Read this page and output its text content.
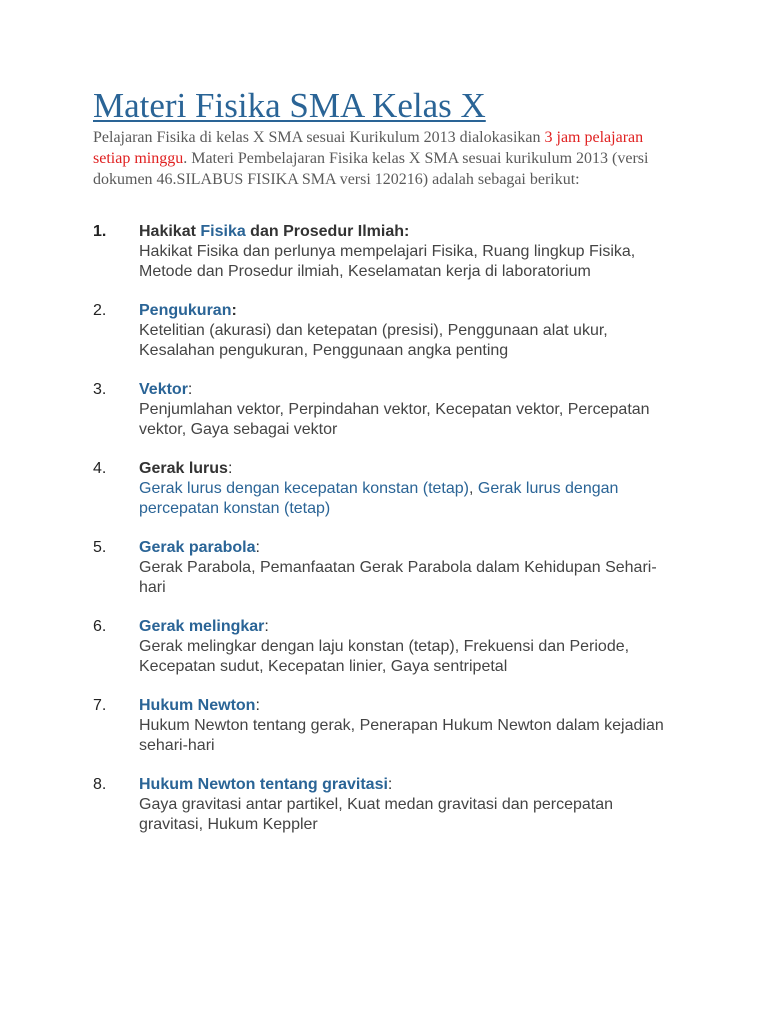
Materi Fisika SMA Kelas X
Pelajaran Fisika di kelas X SMA sesuai Kurikulum 2013 dialokasikan 3 jam pelajaran setiap minggu. Materi Pembelajaran Fisika kelas X SMA sesuai kurikulum 2013 (versi dokumen 46.SILABUS FISIKA SMA versi 120216) adalah sebagai berikut:
1.	Hakikat Fisika dan Prosedur Ilmiah:
Hakikat Fisika dan perlunya mempelajari Fisika, Ruang lingkup Fisika, Metode dan Prosedur ilmiah, Keselamatan kerja di laboratorium
2.	Pengukuran:
Ketelitian (akurasi) dan ketepatan (presisi), Penggunaan alat ukur, Kesalahan pengukuran, Penggunaan angka penting
3.	Vektor:
Penjumlahan vektor, Perpindahan vektor, Kecepatan vektor, Percepatan vektor, Gaya sebagai vektor
4.	Gerak lurus:
Gerak lurus dengan kecepatan konstan (tetap), Gerak lurus dengan percepatan konstan (tetap)
5.	Gerak parabola:
Gerak Parabola, Pemanfaatan Gerak Parabola dalam Kehidupan Sehari-hari
6.	Gerak melingkar:
Gerak melingkar dengan laju konstan (tetap), Frekuensi dan Periode, Kecepatan sudut, Kecepatan linier, Gaya sentripetal
7.	Hukum Newton:
Hukum Newton tentang gerak, Penerapan Hukum Newton dalam kejadian sehari-hari
8.	Hukum Newton tentang gravitasi:
Gaya gravitasi antar partikel, Kuat medan gravitasi dan percepatan gravitasi, Hukum Keppler
